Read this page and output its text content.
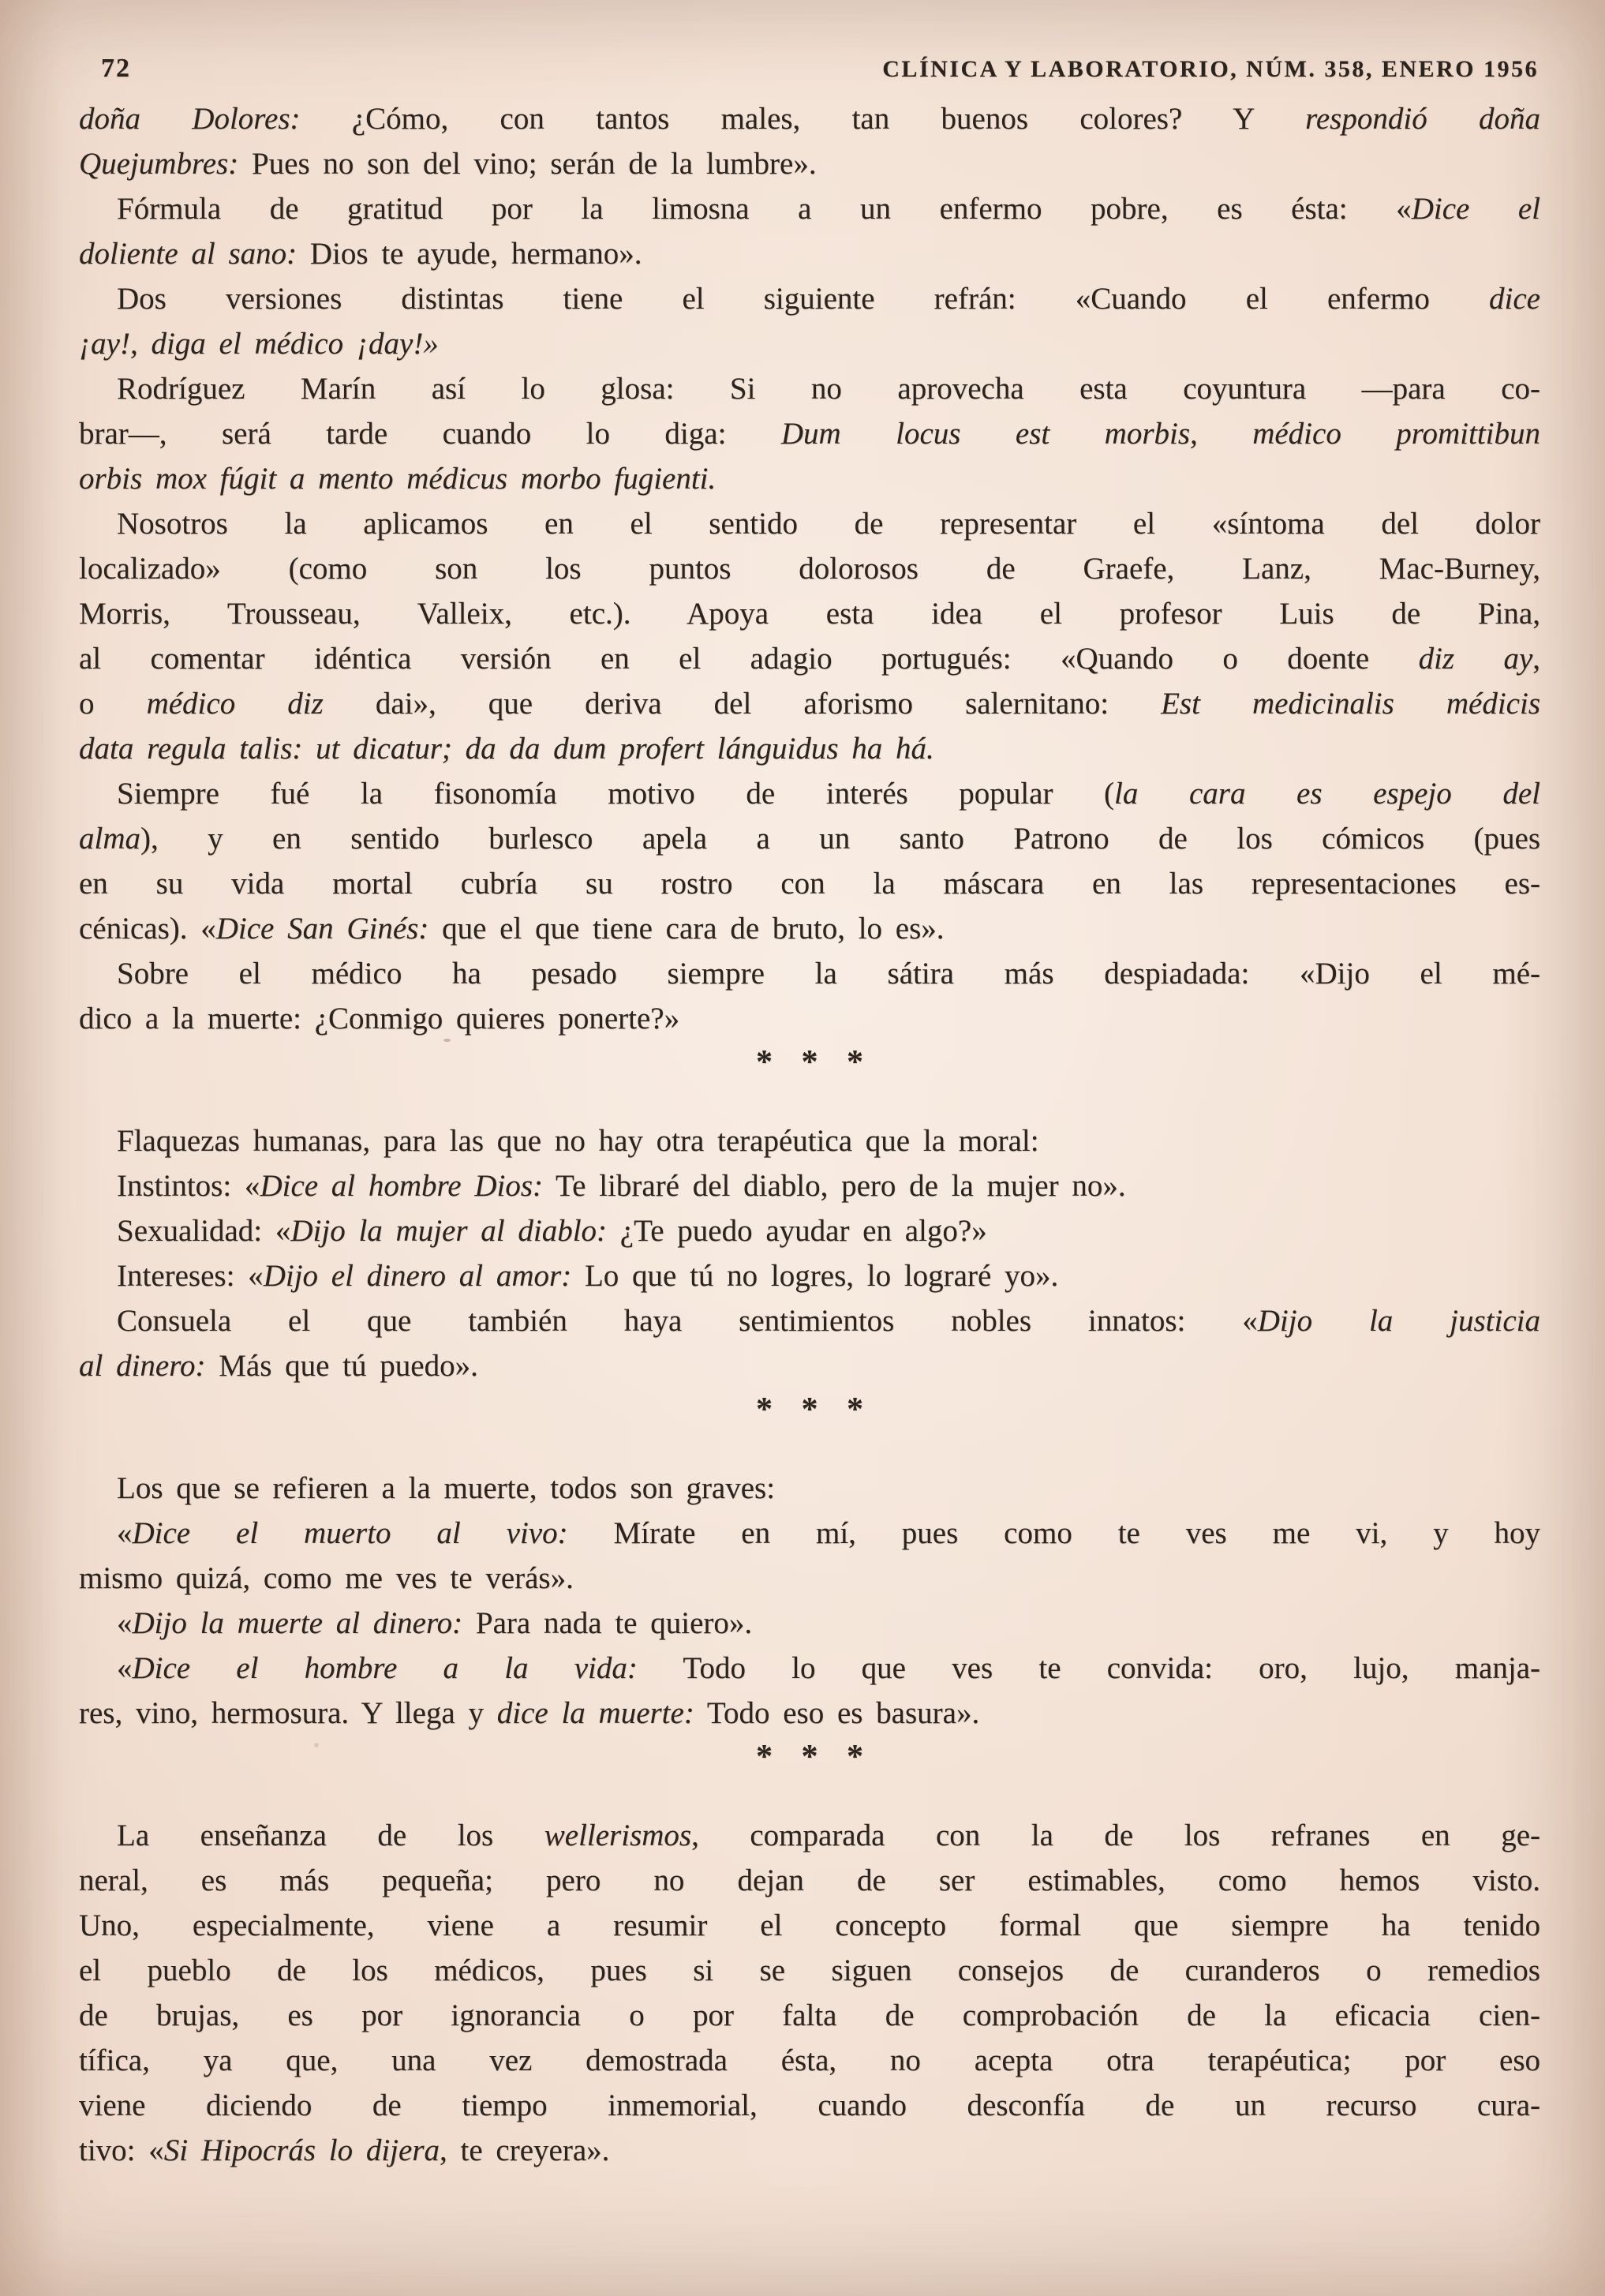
72	CLÍNICA Y LABORATORIO, NÚM. 358, ENERO 1956
doña Dolores: ¿Cómo, con tantos males, tan buenos colores? Y respondió doña
Quejumbres: Pues no son del vino; serán de la lumbre».
Fórmula de gratitud por la limosna a un enfermo pobre, es ésta: «Dice el
doliente al sano: Dios te ayude, hermano».
Dos versiones distintas tiene el siguiente refrán: «Cuando el enfermo dice
¡ay!, diga el médico ¡day!»
Rodríguez Marín así lo glosa: Si no aprovecha esta coyuntura —para co-
brar—, será tarde cuando lo diga: Dum locus est morbis, médico promittibun
orbis mox fúgit a mento médicus morbo fugienti.
Nosotros la aplicamos en el sentido de representar el «síntoma del dolor
localizado» (como son los puntos dolorosos de Graefe, Lanz, Mac-Burney,
Morris, Trousseau, Valleix, etc.). Apoya esta idea el profesor Luis de Pina,
al comentar idéntica versión en el adagio portugués: «Quando o doente diz ay,
o médico diz dai», que deriva del aforismo salernitano: Est medicinalis médicis
data regula talis: ut dicatur; da da dum profert lánguidus ha há.
Siempre fué la fisonomía motivo de interés popular (la cara es espejo del
alma), y en sentido burlesco apela a un santo Patrono de los cómicos (pues
en su vida mortal cubría su rostro con la máscara en las representaciones es-
cénicas). «Dice San Ginés: que el que tiene cara de bruto, lo es».
Sobre el médico ha pesado siempre la sátira más despiadada: «Dijo el mé-
dico a la muerte: ¿Conmigo quieres ponerte?»
* * *
Flaquezas humanas, para las que no hay otra terapéutica que la moral:
Instintos: «Dice al hombre Dios: Te libraré del diablo, pero de la mujer no».
Sexualidad: «Dijo la mujer al diablo: ¿Te puedo ayudar en algo?»
Intereses: «Dijo el dinero al amor: Lo que tú no logres, lo lograré yo».
Consuela el que también haya sentimientos nobles innatos: «Dijo la justicia
al dinero: Más que tú puedo».
* * *
Los que se refieren a la muerte, todos son graves:
«Dice el muerto al vivo: Mírate en mí, pues como te ves me vi, y hoy
mismo quizá, como me ves te verás».
«Dijo la muerte al dinero: Para nada te quiero».
«Dice el hombre a la vida: Todo lo que ves te convida: oro, lujo, manja-
res, vino, hermosura. Y llega y dice la muerte: Todo eso es basura».
* * *
La enseñanza de los wellerismos, comparada con la de los refranes en ge-
neral, es más pequeña; pero no dejan de ser estimables, como hemos visto.
Uno, especialmente, viene a resumir el concepto formal que siempre ha tenido
el pueblo de los médicos, pues si se siguen consejos de curanderos o remedios
de brujas, es por ignorancia o por falta de comprobación de la eficacia cien-
tífica, ya que, una vez demostrada ésta, no acepta otra terapéutica; por eso
viene diciendo de tiempo inmemorial, cuando desconfía de un recurso cura-
tivo: «Si Hipocrás lo dijera, te creyera».
